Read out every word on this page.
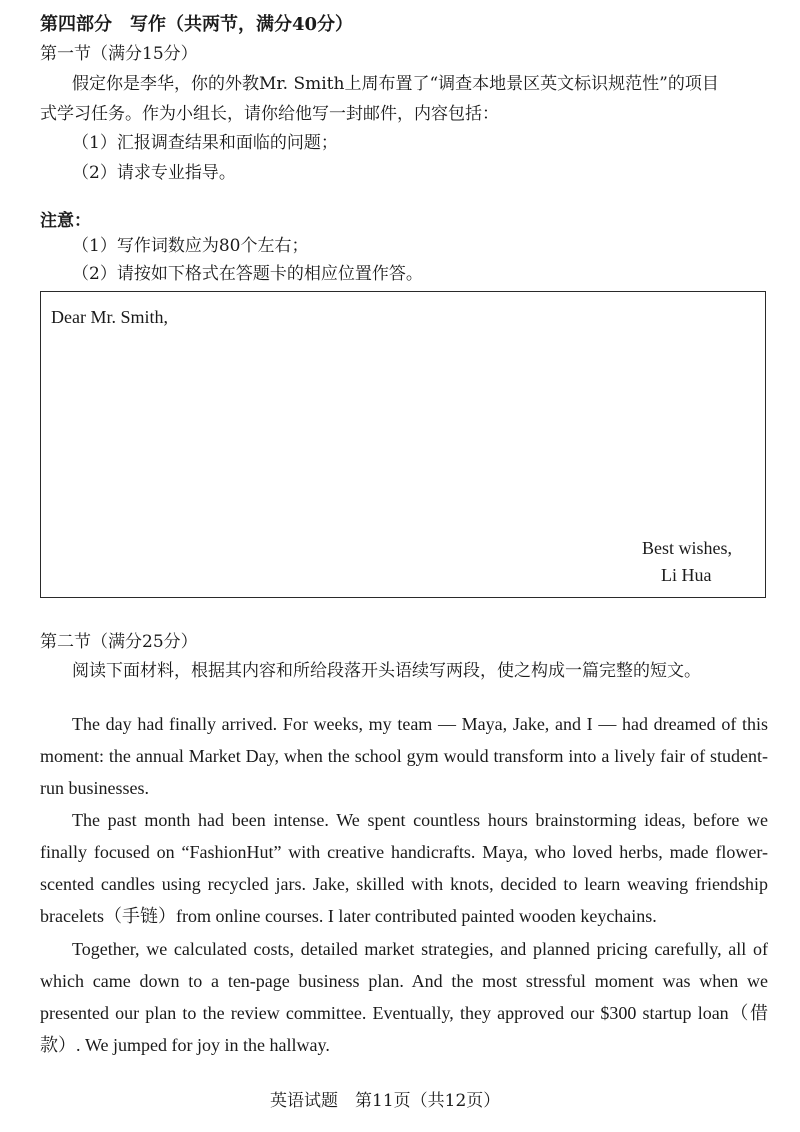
第四部分　写作（共两节，满分40分）
第一节（满分15分）
假定你是李华，你的外教Mr. Smith上周布置了“调查本地景区英文标识规范性”的项目
式学习任务。作为小组长，请你给他写一封邮件，内容包括：
（1）汇报调查结果和面临的问题；
（2）请求专业指导。
注意：
（1）写作词数应为80个左右；
（2）请按如下格式在答题卡的相应位置作答。
Dear Mr. Smith,
Best wishes,
Li Hua
第二节（满分25分）
阅读下面材料，根据其内容和所给段落开头语续写两段，使之构成一篇完整的短文。

The day had finally arrived. For weeks, my team — Maya, Jake, and I — had dreamed of this moment: the annual Market Day, when the school gym would transform into a lively fair of student-run businesses.

The past month had been intense. We spent countless hours brainstorming ideas, before we finally focused on “FashionHut” with creative handicrafts. Maya, who loved herbs, made flower-scented candles using recycled jars. Jake, skilled with knots, decided to learn weaving friendship bracelets（手链）from online courses. I later contributed painted wooden keychains.

Together, we calculated costs, detailed market strategies, and planned pricing carefully, all of which came down to a ten-page business plan. And the most stressful moment was when we presented our plan to the review committee. Eventually, they approved our $300 startup loan（借款）. We jumped for joy in the hallway.

英语试题　第11页（共12页）
